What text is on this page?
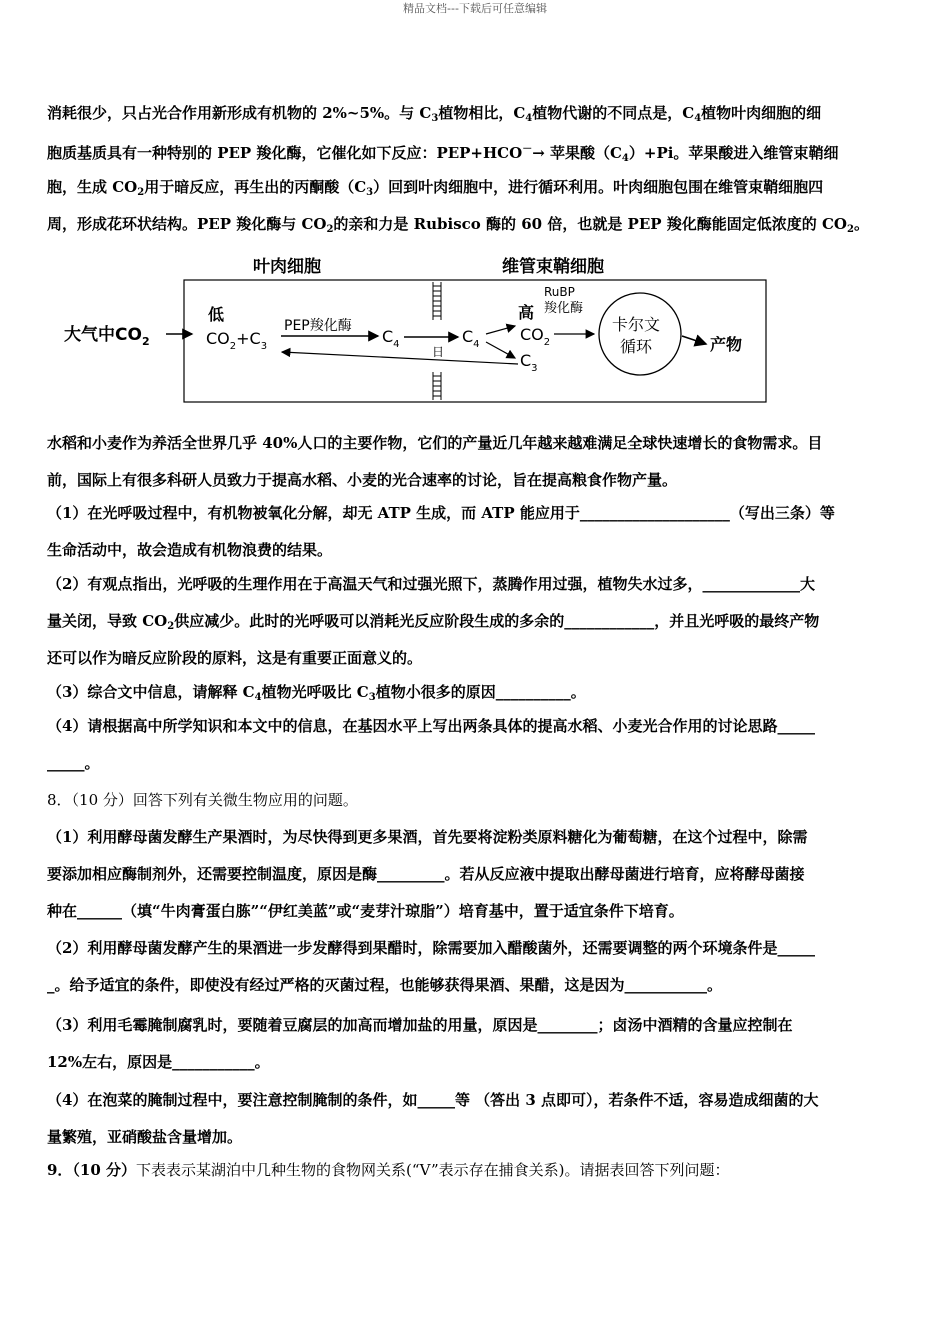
精品文档---下载后可任意编辑
消耗很少，只占光合作用新形成有机物的 2%~5%。与 $C_3$植物相比，$C_4$植物代谢的不同点是，$C_4$植物叶肉细胞的细
胞质基质具有一种特别的 PEP 羧化酶，它催化如下反应：PEP+HCO－→ 苹果酸$(C_4)+Pi$。苹果酸进入维管束鞘细
胞，生成 $CO_2$用于暗反应，再生出的丙酮酸$(C_3)$回到叶肉细胞中，进行循环利用。叶肉细胞包围在维管束鞘细胞四
周，形成花环状结构。PEP 羧化酶与 $CO_2$的亲和力是 Rubisco 酶的 60 倍，也就是 PEP 羧化酶能固定低浓度的 $CO_2$。
叶肉细胞	维管束鞘细胞
大气中$CO_2$
低
$CO_2+C_3$
PEP羧化酶
$C_4$
日
$C_4$
高
$CO_2$
$C_3$
RuBP
羧化酶
卡尔文
循环	产物
水稻和小麦作为养活全世界几乎 40%人口的主要作物，它们的产量近几年越来越难满足全球快速增长的食物需求。目
前，国际上有很多科研人员致力于提高水稻、小麦的光合速率的讨论，旨在提高粮食作物产量。
（1）在光呼吸过程中，有机物被氧化分解，却无 ATP 生成，而 ATP 能应用于____________________（写出三条）等
生命活动中，故会造成有机物浪费的结果。
（2）有观点指出，光呼吸的生理作用在于高温天气和过强光照下，蒸腾作用过强，植物失水过多，_____________大
量关闭，导致 $CO_2$供应减少。此时的光呼吸可以消耗光反应阶段生成的多余的____________，并且光呼吸的最终产物
还可以作为暗反应阶段的原料，这是有重要正面意义的。
（3）综合文中信息，请解释 $C_4$植物光呼吸比 $C_3$植物小很多的原因__________。
（4）请根据高中所学知识和本文中的信息，在基因水平上写出两条具体的提高水稻、小麦光合作用的讨论思路_____
_____。
8．（10 分）回答下列有关微生物应用的问题。
（1）利用酵母菌发酵生产果酒时，为尽快得到更多果酒，首先要将淀粉类原料糖化为葡萄糖，在这个过程中，除需
要添加相应酶制剂外，还需要控制温度，原因是酶_________。若从反应液中提取出酵母菌进行培育，应将酵母菌接
种在______（填“牛肉膏蛋白胨”“伊红美蓝”或“麦芽汁琼脂”）培育基中，置于适宜条件下培育。
（2）利用酵母菌发酵产生的果酒进一步发酵得到果醋时，除需要加入醋酸菌外，还需要调整的两个环境条件是_____
_。给予适宜的条件，即使没有经过严格的灭菌过程，也能够获得果酒、果醋，这是因为___________。
（3）利用毛霉腌制腐乳时，要随着豆腐层的加高而增加盐的用量，原因是________；卤汤中酒精的含量应控制在
12%左右，原因是___________。
（4）在泡菜的腌制过程中，要注意控制腌制的条件，如_____等 （答出 3 点即可），若条件不适，容易造成细菌的大
量繁殖，亚硝酸盐含量增加。
9．（10 分）下表表示某湖泊中几种生物的食物网关系(“V”表示存在捕食关系)。请据表回答下列问题：
